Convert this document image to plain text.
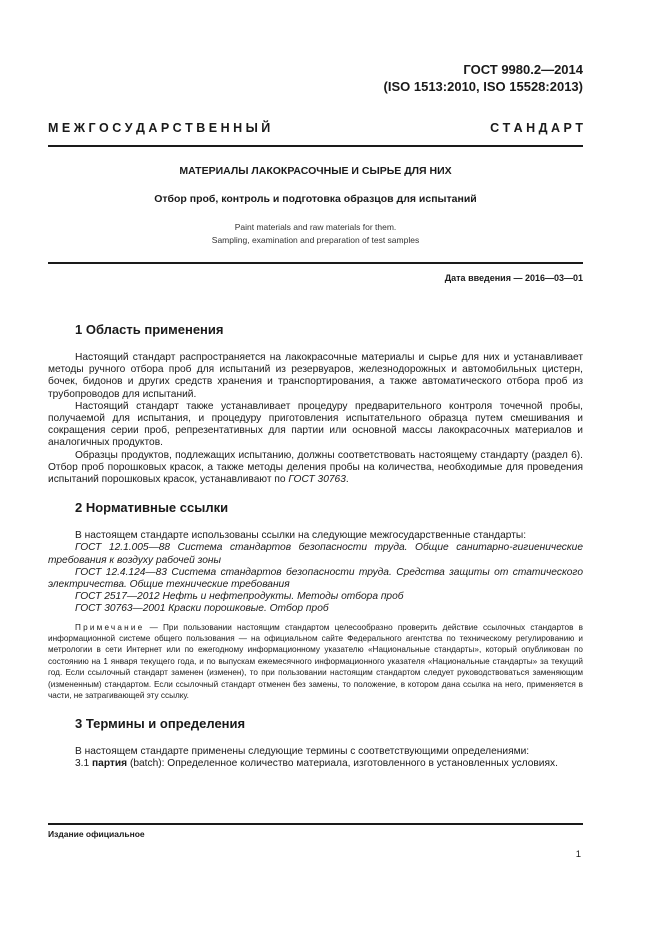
ГОСТ 9980.2—2014
(ISO 1513:2010, ISO 15528:2013)
М Е Ж Г О С У Д А Р С Т В Е Н Н Ы Й	С Т А Н Д А Р Т
МАТЕРИАЛЫ ЛАКОКРАСОЧНЫЕ И СЫРЬЕ ДЛЯ НИХ
Отбор проб, контроль и подготовка образцов для испытаний
Paint materials and raw materials for them.
Sampling, examination and preparation of test samples
Дата введения — 2016—03—01
1 Область применения

Настоящий стандарт распространяется на лакокрасочные материалы и сырье для них и устанавливает методы ручного отбора проб для испытаний из резервуаров, железнодорожных и автомобильных цистерн, бочек, бидонов и других средств хранения и транспортирования, а также автоматического отбора проб из трубопроводов для испытаний.

Настоящий стандарт также устанавливает процедуру предварительного контроля точечной пробы, получаемой для испытания, и процедуру приготовления испытательного образца путем смешивания и сокращения серии проб, репрезентативных для партии или основной массы лакокрасочных материалов и аналогичных продуктов.

Образцы продуктов, подлежащих испытанию, должны соответствовать настоящему стандарту (раздел 6). Отбор проб порошковых красок, а также методы деления пробы на количества, необходимые для проведения испытаний порошковых красок, устанавливают по ГОСТ 30763.

2 Нормативные ссылки

В настоящем стандарте использованы ссылки на следующие межгосударственные стандарты:

ГОСТ 12.1.005—88 Система стандартов безопасности труда. Общие санитарно-гигиенические требования к воздуху рабочей зоны

ГОСТ 12.4.124—83 Система стандартов безопасности труда. Средства защиты от статического электричества. Общие технические требования

ГОСТ 2517—2012 Нефть и нефтепродукты. Методы отбора проб

ГОСТ 30763—2001 Краски порошковые. Отбор проб

Примечание — При пользовании настоящим стандартом целесообразно проверить действие ссылочных стандартов в информационной системе общего пользования — на официальном сайте Федерального агентства по техническому регулированию и метрологии в сети Интернет или по ежегодному информационному указателю «Национальные стандарты», который опубликован по состоянию на 1 января текущего года, и по выпускам ежемесячного информационного указателя «Национальные стандарты» за текущий год. Если ссылочный стандарт заменен (изменен), то при пользовании настоящим стандартом следует руководствоваться заменяющим (измененным) стандартом. Если ссылочный стандарт отменен без замены, то положение, в котором дана ссылка на него, применяется в части, не затрагивающей эту ссылку.

3 Термины и определения

В настоящем стандарте применены следующие термины с соответствующими определениями:

3.1 партия (batch): Определенное количество материала, изготовленного в установленных условиях.

Издание официальное
1
